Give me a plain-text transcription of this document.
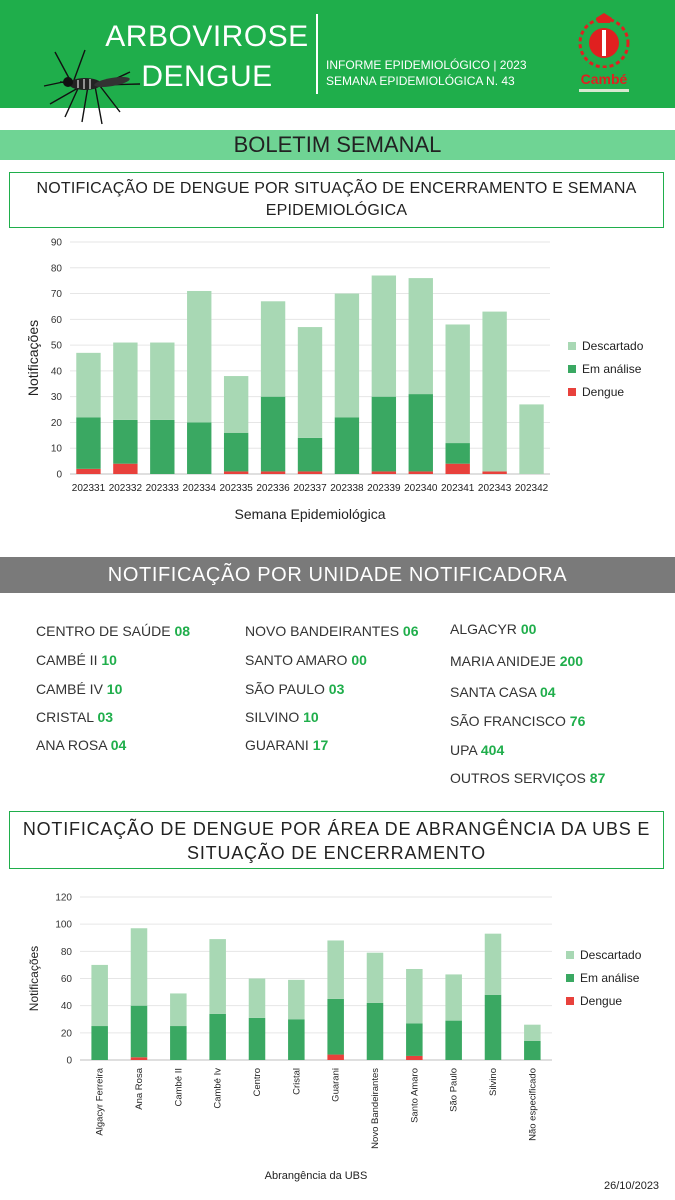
ARBOVIROSE
DENGUE	INFORME EPIDEMIOLÓGICO | 2023
SEMANA EPIDEMIOLÓGICA N. 43	Cambé
BOLETIM SEMANAL
NOTIFICAÇÃO DE DENGUE POR SITUAÇÃO DE ENCERRAMENTO E SEMANA EPIDEMIOLÓGICA
0
10
20
30
40
50
60
70
80
90
202331 202332 202333 202334 202335 202336 202337 202338 202339 202340 202341 202343 202342
Notificações
Semana Epidemiológica
Descartado
Em análise
Dengue
NOTIFICAÇÃO POR UNIDADE NOTIFICADORA
CENTRO DE SAÚDE 08
CAMBÉ II 10
CAMBÉ IV 10
CRISTAL 03
ANA ROSA 04
NOVO BANDEIRANTES 06
SANTO AMARO 00
SÃO PAULO 03
SILVINO 10
GUARANI 17
ALGACYR 00
MARIA ANIDEJE 200
SANTA CASA 04
SÃO FRANCISCO 76
UPA 404
OUTROS SERVIÇOS 87
NOTIFICAÇÃO DE DENGUE POR ÁREA DE ABRANGÊNCIA DA UBS E SITUAÇÃO DE ENCERRAMENTO
0
20
40
60
80
100
120
Algacyr Ferreira	Ana Rosa	Cambé II	Cambé Iv	Centro	Cristal	Guarani	Novo Bandeirantes	Santo Amaro	São Paulo	Silvino	Não especificado
Notificações
Abrangência da UBS
Descartado
Em análise
Dengue
26/10/2023
